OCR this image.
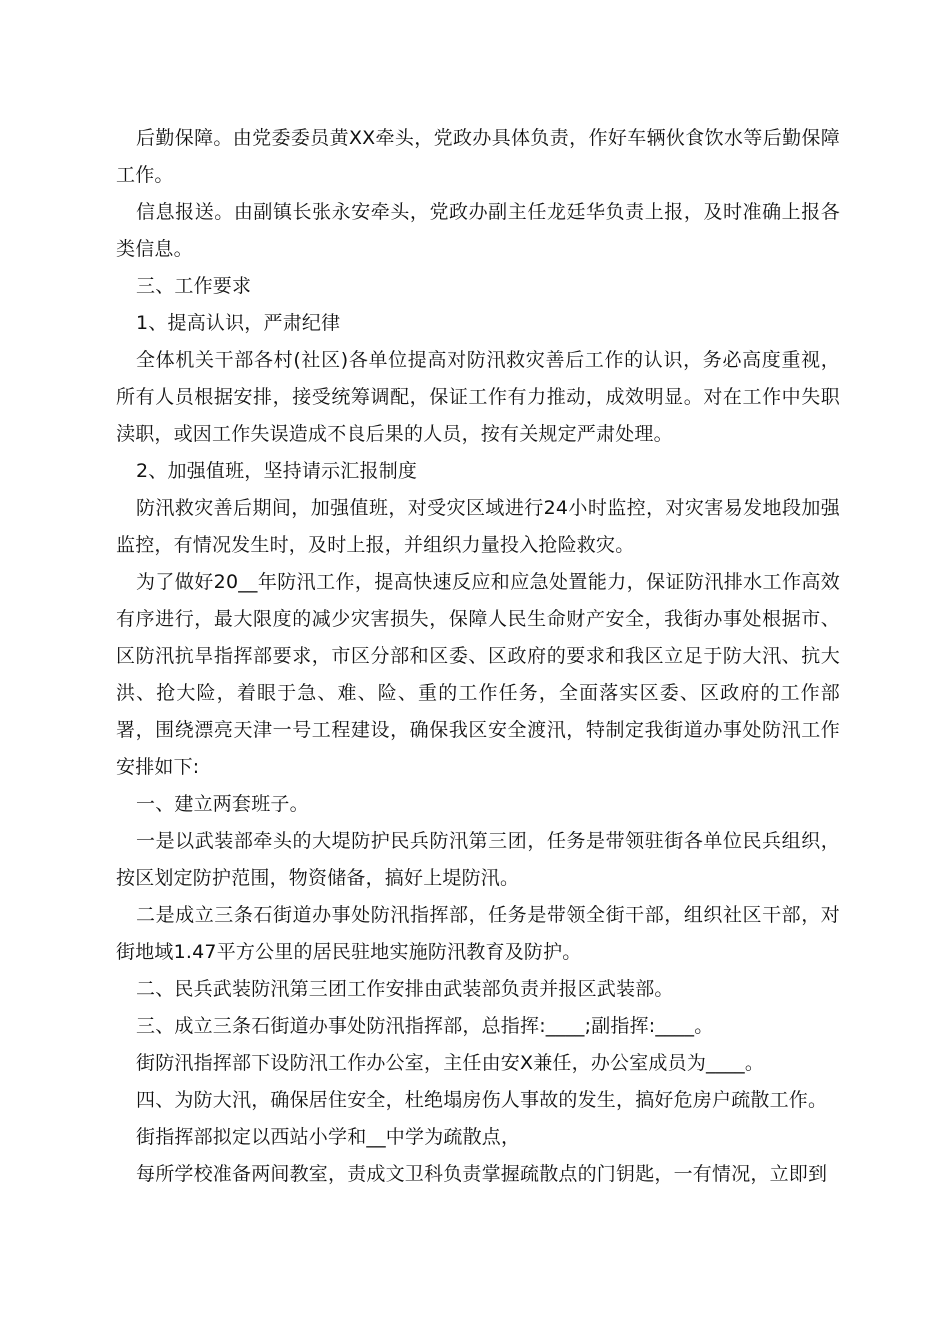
后勤保障。由党委委员黄XX牵头，党政办具体负责，作好车辆伙食饮水等后勤保障工作。

信息报送。由副镇长张永安牵头，党政办副主任龙廷华负责上报，及时准确上报各类信息。

三、工作要求

1、提高认识，严肃纪律

全体机关干部各村(社区)各单位提高对防汛救灾善后工作的认识，务必高度重视，所有人员根据安排，接受统筹调配，保证工作有力推动，成效明显。对在工作中失职渎职，或因工作失误造成不良后果的人员，按有关规定严肃处理。

2、加强值班，坚持请示汇报制度

防汛救灾善后期间，加强值班，对受灾区域进行24小时监控，对灾害易发地段加强监控，有情况发生时，及时上报，并组织力量投入抢险救灾。

为了做好20__年防汛工作，提高快速反应和应急处置能力，保证防汛排水工作高效有序进行，最大限度的减少灾害损失，保障人民生命财产安全，我街办事处根据市、区防汛抗旱指挥部要求，市区分部和区委、区政府的要求和我区立足于防大汛、抗大洪、抢大险，着眼于急、难、险、重的工作任务，全面落实区委、区政府的工作部署，围绕漂亮天津一号工程建设，确保我区安全渡汛，特制定我街道办事处防汛工作安排如下:

一、建立两套班子。

一是以武装部牵头的大堤防护民兵防汛第三团，任务是带领驻街各单位民兵组织，按区划定防护范围，物资储备，搞好上堤防汛。

二是成立三条石街道办事处防汛指挥部，任务是带领全街干部，组织社区干部，对街地域1.47平方公里的居民驻地实施防汛教育及防护。

二、民兵武装防汛第三团工作安排由武装部负责并报区武装部。

三、成立三条石街道办事处防汛指挥部，总指挥:____;副指挥:____。

街防汛指挥部下设防汛工作办公室，主任由安X兼任，办公室成员为____。

四、为防大汛，确保居住安全，杜绝塌房伤人事故的发生，搞好危房户疏散工作。

街指挥部拟定以西站小学和__中学为疏散点，

每所学校准备两间教室，责成文卫科负责掌握疏散点的门钥匙，一有情况，立即到
